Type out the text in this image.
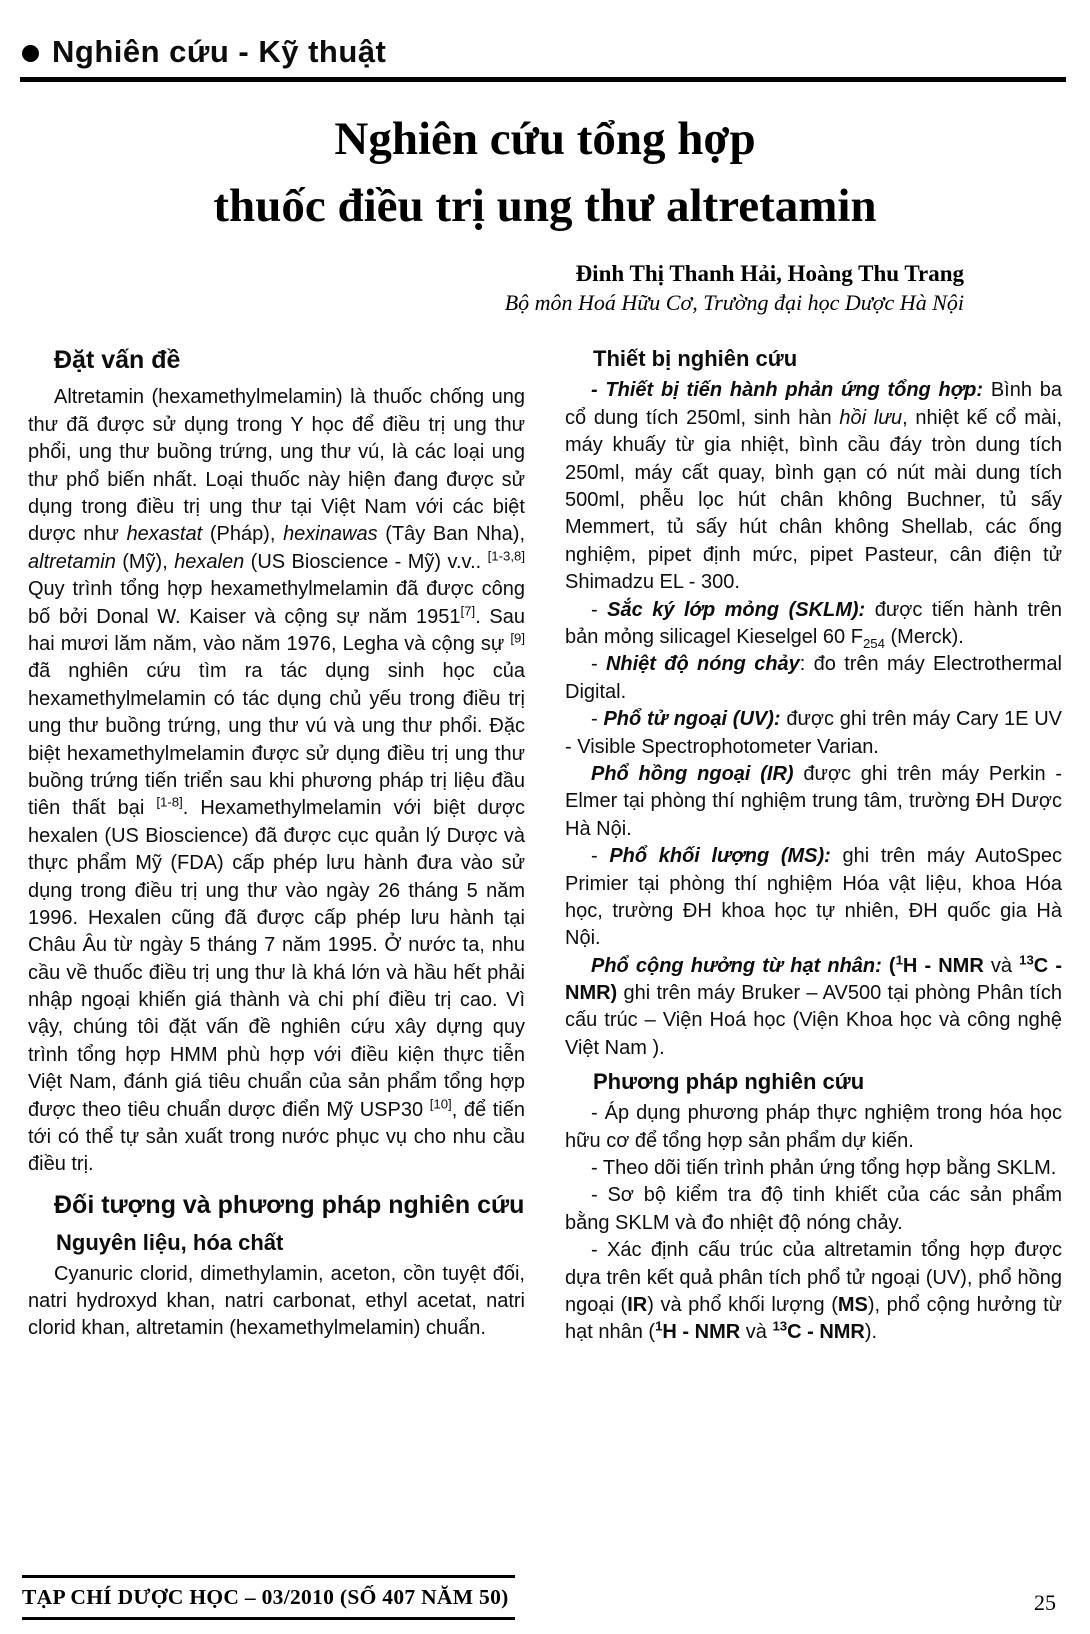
Nghiên cứu - Kỹ thuật
Nghiên cứu tổng hợp
thuốc điều trị ung thư altretamin
Đinh Thị Thanh Hải, Hoàng Thu Trang
Bộ môn Hoá Hữu Cơ, Trường đại học Dược Hà Nội
Đặt vấn đề

Altretamin (hexamethylmelamin) là thuốc chống ung thư đã được sử dụng trong Y học để điều trị ung thư phổi, ung thư buồng trứng, ung thư vú, là các loại ung thư phổ biến nhất. Loại thuốc này hiện đang được sử dụng trong điều trị ung thư tại Việt Nam với các biệt dược như hexastat (Pháp), hexinawas (Tây Ban Nha), altretamin (Mỹ), hexalen (US Bioscience - Mỹ) v.v.. [1-3,8] Quy trình tổng hợp hexamethylmelamin đã được công bố bởi Donal W. Kaiser và cộng sự năm 1951[7]. Sau hai mươi lăm năm, vào năm 1976, Legha và cộng sự [9] đã nghiên cứu tìm ra tác dụng sinh học của hexamethylmelamin có tác dụng chủ yếu trong điều trị ung thư buồng trứng, ung thư vú và ung thư phổi. Đặc biệt hexamethylmelamin được sử dụng điều trị ung thư buồng trứng tiến triển sau khi phương pháp trị liệu đầu tiên thất bại [1-8]. Hexamethylmelamin với biệt dược hexalen (US Bioscience) đã được cục quản lý Dược và thực phẩm Mỹ (FDA) cấp phép lưu hành đưa vào sử dụng trong điều trị ung thư vào ngày 26 tháng 5 năm 1996. Hexalen cũng đã được cấp phép lưu hành tại Châu Âu từ ngày 5 tháng 7 năm 1995. Ở nước ta, nhu cầu về thuốc điều trị ung thư là khá lớn và hầu hết phải nhập ngoại khiến giá thành và chi phí điều trị cao. Vì vậy, chúng tôi đặt vấn đề nghiên cứu xây dựng quy trình tổng hợp HMM phù hợp với điều kiện thực tiễn Việt Nam, đánh giá tiêu chuẩn của sản phẩm tổng hợp được theo tiêu chuẩn dược điển Mỹ USP30 [10], để tiến tới có thể tự sản xuất trong nước phục vụ cho nhu cầu điều trị.

Đối tượng và phương pháp nghiên cứu
Nguyên liệu, hóa chất

Cyanuric clorid, dimethylamin, aceton, cồn tuyệt đối, natri hydroxyd khan, natri carbonat, ethyl acetat, natri clorid khan, altretamin (hexamethylmelamin) chuẩn.

Thiết bị nghiên cứu

- Thiết bị tiến hành phản ứng tổng hợp: Bình ba cổ dung tích 250ml, sinh hàn hồi lưu, nhiệt kế cổ mài, máy khuấy từ gia nhiệt, bình cầu đáy tròn dung tích 250ml, máy cất quay, bình gạn có nút mài dung tích 500ml, phễu lọc hút chân không Buchner, tủ sấy Memmert, tủ sấy hút chân không Shellab, các ống nghiệm, pipet định mức, pipet Pasteur, cân điện tử Shimadzu EL - 300.

- Sắc ký lớp mỏng (SKLM): được tiến hành trên bản mỏng silicagel Kieselgel 60 $F_{254}$ (Merck).

- Nhiệt độ nóng chảy: đo trên máy Electrothermal Digital.

- Phổ tử ngoại (UV): được ghi trên máy Cary 1E UV - Visible Spectrophotometer Varian.

Phổ hồng ngoại (IR) được ghi trên máy Perkin - Elmer tại phòng thí nghiệm trung tâm, trường ĐH Dược Hà Nội.

- Phổ khối lượng (MS): ghi trên máy AutoSpec Primier tại phòng thí nghiệm Hóa vật liệu, khoa Hóa học, trường ĐH khoa học tự nhiên, ĐH quốc gia Hà Nội.

Phổ cộng hưởng từ hạt nhân: ($^1$H - NMR và $^{13}$C - NMR) ghi trên máy Bruker – AV500 tại phòng Phân tích cấu trúc – Viện Hoá học (Viện Khoa học và công nghệ Việt Nam ).

Phương pháp nghiên cứu

- Áp dụng phương pháp thực nghiệm trong hóa học hữu cơ để tổng hợp sản phẩm dự kiến.

- Theo dõi tiến trình phản ứng tổng hợp bằng SKLM.

- Sơ bộ kiểm tra độ tinh khiết của các sản phẩm bằng SKLM và đo nhiệt độ nóng chảy.

- Xác định cấu trúc của altretamin tổng hợp được dựa trên kết quả phân tích phổ tử ngoại (UV), phổ hồng ngoại (IR) và phổ khối lượng (MS), phổ cộng hưởng từ hạt nhân ($^1$H - NMR và $^{13}$C - NMR).

TẠP CHÍ DƯỢC HỌC – 03/2010 (SỐ 407 NĂM 50)	25
